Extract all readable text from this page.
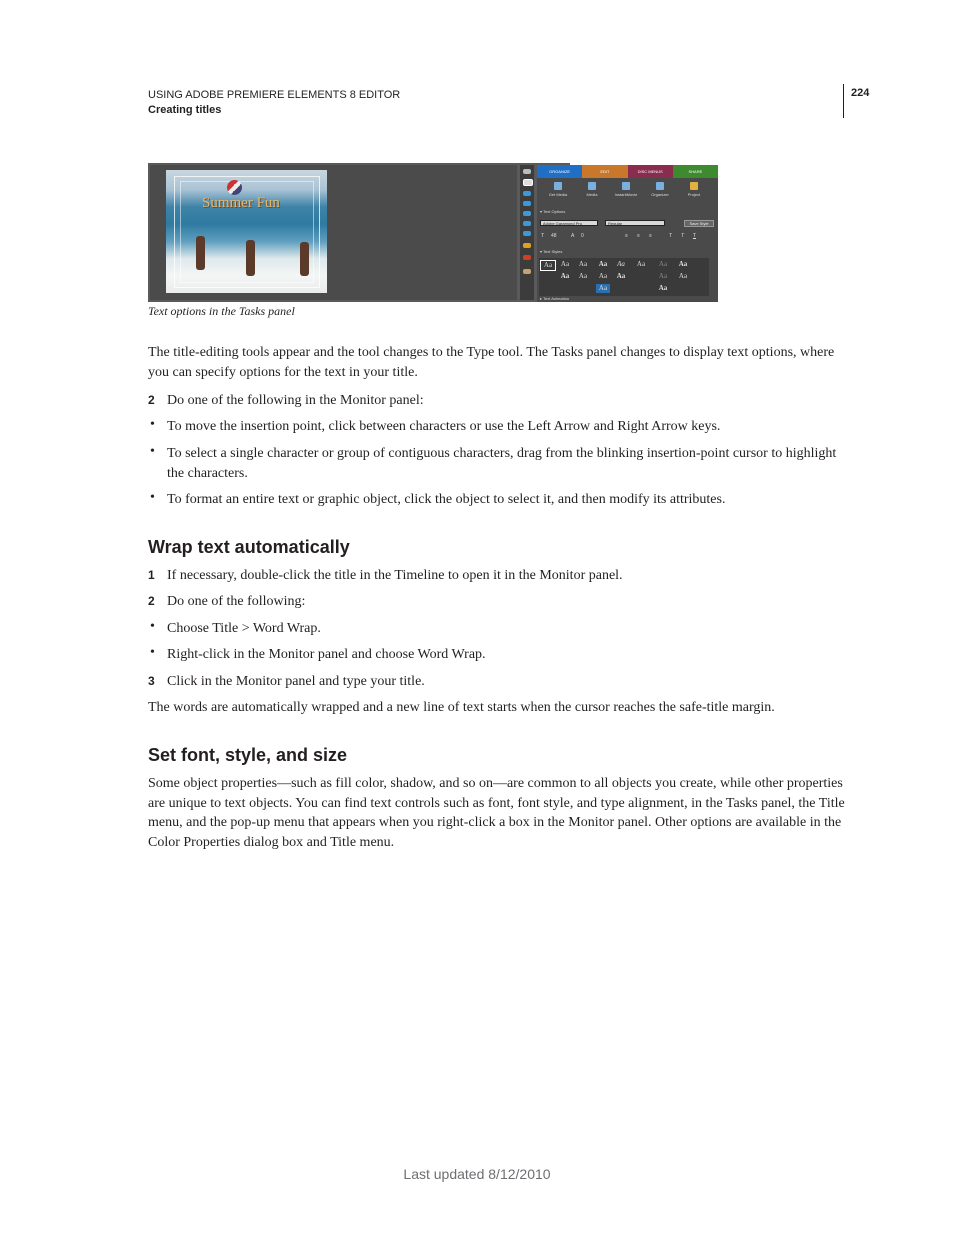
USING ADOBE PREMIERE ELEMENTS 8 EDITOR
Creating titles
224
Summer Fun
ORGANIZE	EDIT	DISC MENUS	SHARE
Get Media	Media	InstantMovie	Organizer	Project
▾ Text Options
Adobe Garamond Pro	Regular	Save Style
T 48	A 0	≡ ≡ ≡	T T T
▾ Text Styles
Aa	Aa	Aa	Aa	Aa	Aa	Aa	Aa
Aa	Aa	Aa	Aa	Aa	Aa
Aa	Aa
▸ Text Animation
Text options in the Tasks panel
The title-editing tools appear and the tool changes to the Type tool. The Tasks panel changes to display text options, where you can specify options for the text in your title.
2 Do one of the following in the Monitor panel:
• To move the insertion point, click between characters or use the Left Arrow and Right Arrow keys.
• To select a single character or group of contiguous characters, drag from the blinking insertion-point cursor to highlight the characters.
• To format an entire text or graphic object, click the object to select it, and then modify its attributes.
Wrap text automatically
1 If necessary, double-click the title in the Timeline to open it in the Monitor panel.
2 Do one of the following:
• Choose Title > Word Wrap.
• Right-click in the Monitor panel and choose Word Wrap.
3 Click in the Monitor panel and type your title.
The words are automatically wrapped and a new line of text starts when the cursor reaches the safe-title margin.
Set font, style, and size
Some object properties—such as fill color, shadow, and so on—are common to all objects you create, while other properties are unique to text objects. You can find text controls such as font, font style, and type alignment, in the Tasks panel, the Title menu, and the pop-up menu that appears when you right-click a box in the Monitor panel. Other options are available in the Color Properties dialog box and Title menu.
Last updated 8/12/2010
